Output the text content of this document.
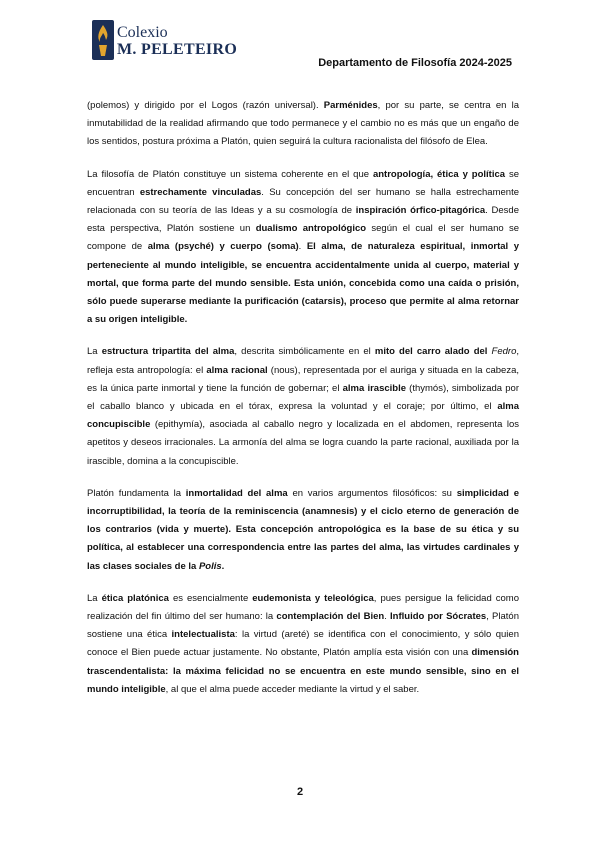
Colexio
M. PELETEIRO
Departamento de Filosofía 2024-2025

(polemos) y dirigido por el Logos (razón universal). Parménides, por su parte, se centra en la inmutabilidad de la realidad afirmando que todo permanece y el cambio no es más que un engaño de los sentidos, postura próxima a Platón, quien seguirá la cultura racionalista del filósofo de Elea.

La filosofía de Platón constituye un sistema coherente en el que antropología, ética y política se encuentran estrechamente vinculadas. Su concepción del ser humano se halla estrechamente relacionada con su teoría de las Ideas y a su cosmología de inspiración órfico-pitagórica. Desde esta perspectiva, Platón sostiene un dualismo antropológico según el cual el ser humano se compone de alma (psyché) y cuerpo (soma). El alma, de naturaleza espiritual, inmortal y perteneciente al mundo inteligible, se encuentra accidentalmente unida al cuerpo, material y mortal, que forma parte del mundo sensible. Esta unión, concebida como una caída o prisión, sólo puede superarse mediante la purificación (catarsis), proceso que permite al alma retornar a su origen inteligible.

La estructura tripartita del alma, descrita simbólicamente en el mito del carro alado del Fedro, refleja esta antropología: el alma racional (nous), representada por el auriga y situada en la cabeza, es la única parte inmortal y tiene la función de gobernar; el alma irascible (thymós), simbolizada por el caballo blanco y ubicada en el tórax, expresa la voluntad y el coraje; por último, el alma concupiscible (epithymía), asociada al caballo negro y localizada en el abdomen, representa los apetitos y deseos irracionales. La armonía del alma se logra cuando la parte racional, auxiliada por la irascible, domina a la concupiscible.

Platón fundamenta la inmortalidad del alma en varios argumentos filosóficos: su simplicidad e incorruptibilidad, la teoría de la reminiscencia (anamnesis) y el ciclo eterno de generación de los contrarios (vida y muerte). Esta concepción antropológica es la base de su ética y su política, al establecer una correspondencia entre las partes del alma, las virtudes cardinales y las clases sociales de la Polis.

La ética platónica es esencialmente eudemonista y teleológica, pues persigue la felicidad como realización del fin último del ser humano: la contemplación del Bien. Influido por Sócrates, Platón sostiene una ética intelectualista: la virtud (areté) se identifica con el conocimiento, y sólo quien conoce el Bien puede actuar justamente. No obstante, Platón amplía esta visión con una dimensión trascendentalista: la máxima felicidad no se encuentra en este mundo sensible, sino en el mundo inteligible, al que el alma puede acceder mediante la virtud y el saber.

2
